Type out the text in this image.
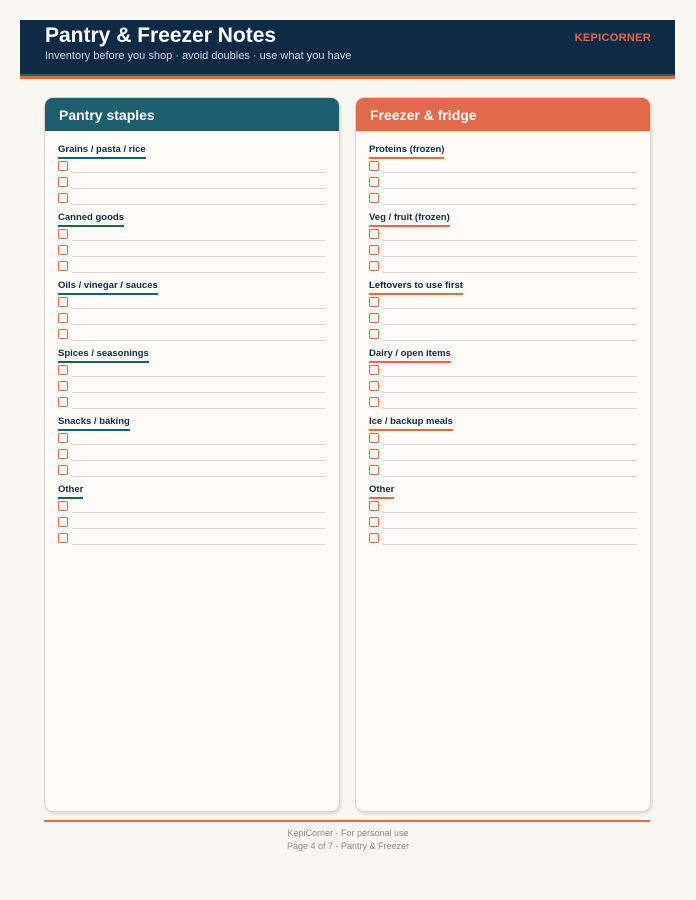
Pantry & Freezer Notes
Inventory before you shop · avoid doubles · use what you have
KEPICORNER
Pantry staples
Grains / pasta / rice
Canned goods
Oils / vinegar / sauces
Spices / seasonings
Snacks / baking
Other
Freezer & fridge
Proteins (frozen)
Veg / fruit (frozen)
Leftovers to use first
Dairy / open items
Ice / backup meals
Other
KepiCorner · For personal use
Page 4 of 7 · Pantry & Freezer
